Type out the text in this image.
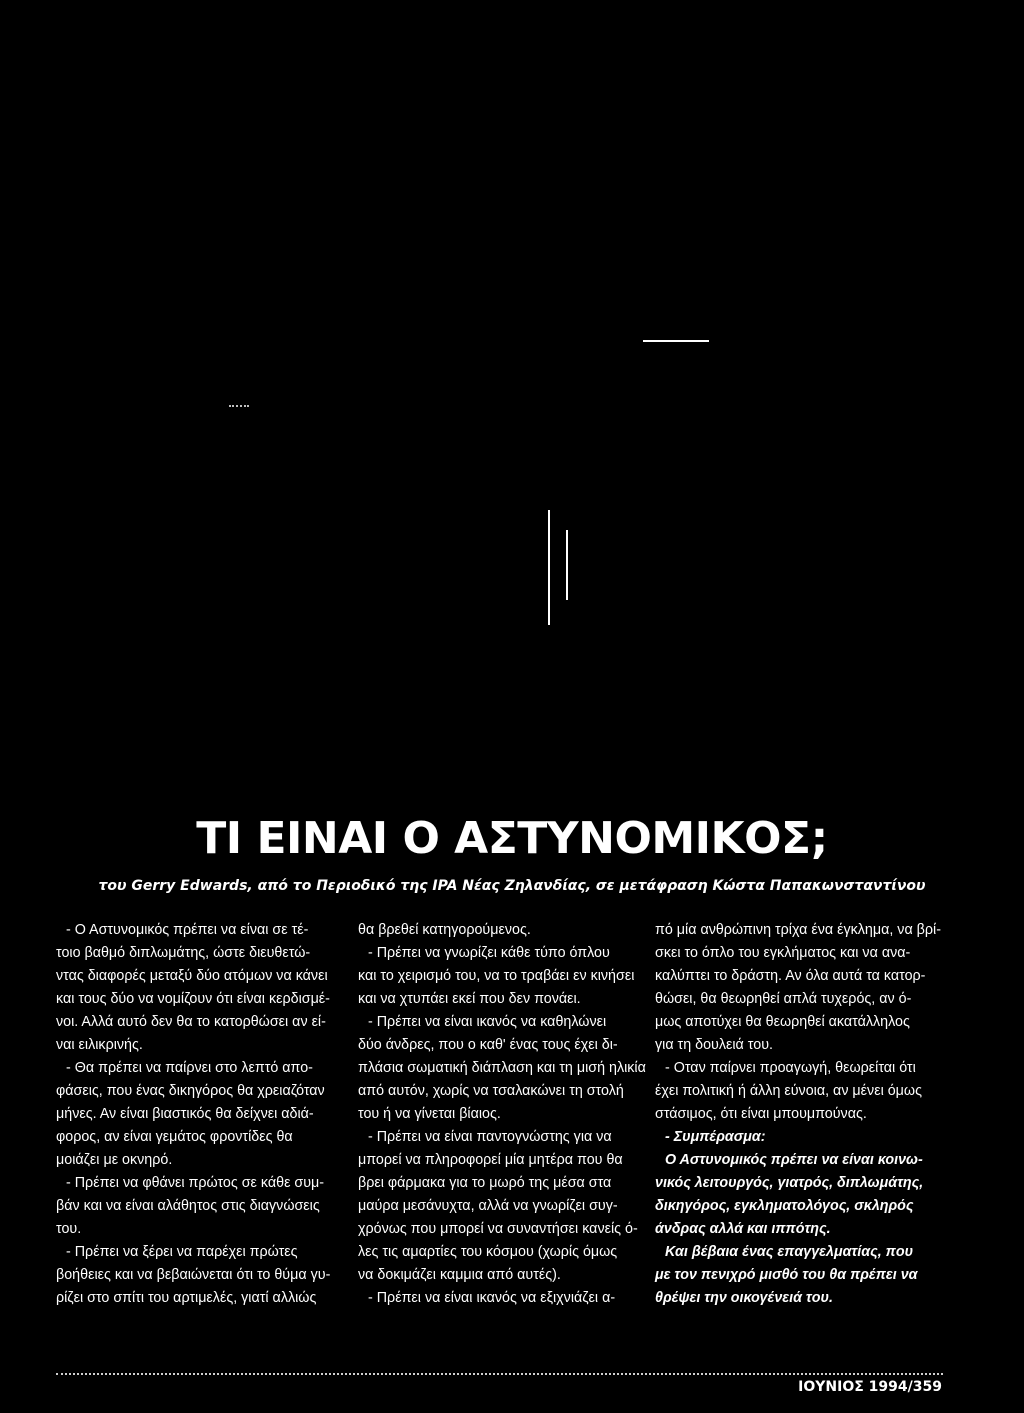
ΤΙ ΕΙΝΑΙ Ο ΑΣΤΥΝΟΜΙΚΟΣ;
του Gerry Edwards, από το Περιοδικό της IPA Νέας Ζηλανδίας, σε μετάφραση Κώστα Παπακωνσταντίνου
- Ο Αστυνομικός πρέπει να είναι σε τέ-
τοιο βαθμό διπλωμάτης, ώστε διευθετώ-
ντας διαφορές μεταξύ δύο ατόμων να κάνει
και τους δύο να νομίζουν ότι είναι κερδισμέ-
νοι. Αλλά αυτό δεν θα το κατορθώσει αν εί-
ναι ειλικρινής.
- Θα πρέπει να παίρνει στο λεπτό απο-
φάσεις, που ένας δικηγόρος θα χρειαζόταν
μήνες. Αν είναι βιαστικός θα δείχνει αδιά-
φορος, αν είναι γεμάτος φροντίδες θα
μοιάζει με οκνηρό.
- Πρέπει να φθάνει πρώτος σε κάθε συμ-
βάν και να είναι αλάθητος στις διαγνώσεις
του.
- Πρέπει να ξέρει να παρέχει πρώτες
βοήθειες και να βεβαιώνεται ότι το θύμα γυ-
ρίζει στο σπίτι του αρτιμελές, γιατί αλλιώς
θα βρεθεί κατηγορούμενος.
- Πρέπει να γνωρίζει κάθε τύπο όπλου
και το χειρισμό του, να το τραβάει εν κινήσει
και να χτυπάει εκεί που δεν πονάει.
- Πρέπει να είναι ικανός να καθηλώνει
δύο άνδρες, που ο καθ' ένας τους έχει δι-
πλάσια σωματική διάπλαση και τη μισή ηλικία
από αυτόν, χωρίς να τσαλακώνει τη στολή
του ή να γίνεται βίαιος.
- Πρέπει να είναι παντογνώστης για να
μπορεί να πληροφορεί μία μητέρα που θα
βρει φάρμακα για το μωρό της μέσα στα
μαύρα μεσάνυχτα, αλλά να γνωρίζει συγ-
χρόνως που μπορεί να συναντήσει κανείς ό-
λες τις αμαρτίες του κόσμου (χωρίς όμως
να δοκιμάζει καμμια από αυτές).
- Πρέπει να είναι ικανός να εξιχνιάζει α-
πό μία ανθρώπινη τρίχα ένα έγκλημα, να βρί-
σκει το όπλο του εγκλήματος και να ανα-
καλύπτει το δράστη. Αν όλα αυτά τα κατορ-
θώσει, θα θεωρηθεί απλά τυχερός, αν ό-
μως αποτύχει θα θεωρηθεί ακατάλληλος
για τη δουλειά του.
- Οταν παίρνει προαγωγή, θεωρείται ότι
έχει πολιτική ή άλλη εύνοια, αν μένει όμως
στάσιμος, ότι είναι μπουμπούνας.
- Συμπέρασμα:
Ο Αστυνομικός πρέπει να είναι κοινω-
νικός λειτουργός, γιατρός, διπλωμάτης,
δικηγόρος, εγκληματολόγος, σκληρός
άνδρας αλλά και ιππότης.
Και βέβαια ένας επαγγελματίας, που
με τον πενιχρό μισθό του θα πρέπει να
θρέψει την οικογένειά του.
ΙΟΥΝΙΟΣ 1994/359
